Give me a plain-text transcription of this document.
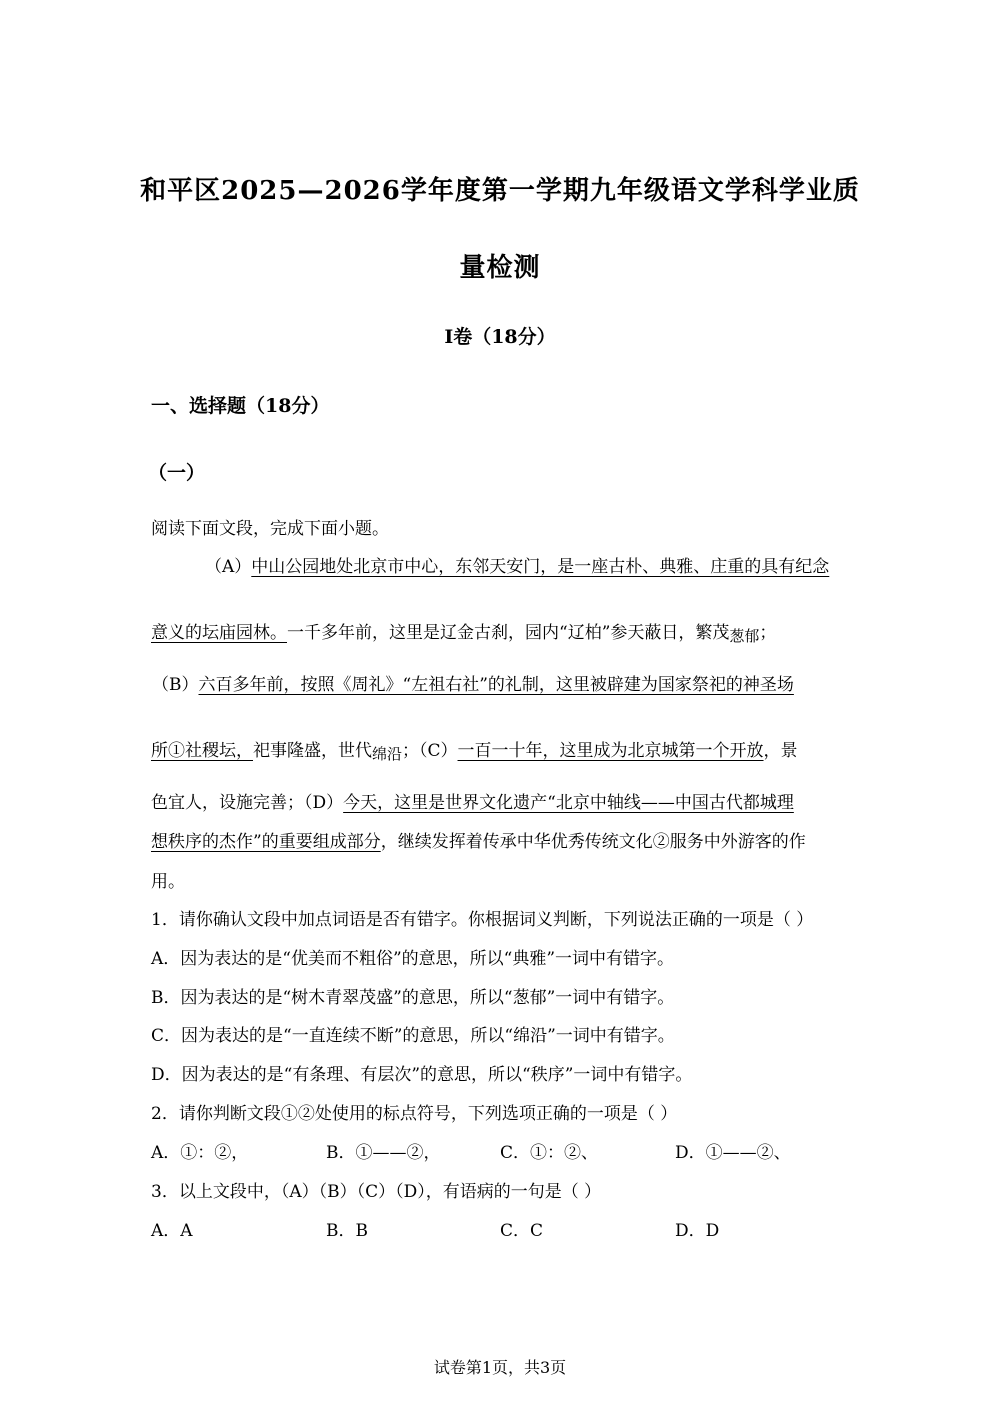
和平区2025—2026学年度第一学期九年级语文学科学业质
量检测
I卷（18分）
一、选择题（18分）
（一）
阅读下面文段，完成下面小题。
（A）中山公园地处北京市中心，东邻天安门，是一座古朴、典雅、庄重的具有纪念
意义的坛庙园林。一千多年前，这里是辽金古刹，园内“辽柏”参天蔽日，繁茂葱郁；
（B）六百多年前，按照《周礼》“左祖右社”的礼制，这里被辟建为国家祭祀的神圣场
所①社稷坛，祀事隆盛，世代绵沿；（C）一百一十年，这里成为北京城第一个开放，景
色宜人，设施完善；（D）今天，这里是世界文化遗产“北京中轴线——中国古代都城理
想秩序的杰作”的重要组成部分，继续发挥着传承中华优秀传统文化②服务中外游客的作
用。
1．请你确认文段中加点词语是否有错字。你根据词义判断，下列说法正确的一项是（ ）
A．因为表达的是“优美而不粗俗”的意思，所以“典雅”一词中有错字。
B．因为表达的是“树木青翠茂盛”的意思，所以“葱郁”一词中有错字。
C．因为表达的是“一直连续不断”的意思，所以“绵沿”一词中有错字。
D．因为表达的是“有条理、有层次”的意思，所以“秩序”一词中有错字。
2．请你判断文段①②处使用的标点符号，下列选项正确的一项是（ ）
A．①：②，	B．①——②，	C．①：②、	D．①——②、
3．以上文段中，（A）（B）（C）（D），有语病的一句是（ ）
A．A	B．B	C．C	D．D
试卷第1页，共3页
